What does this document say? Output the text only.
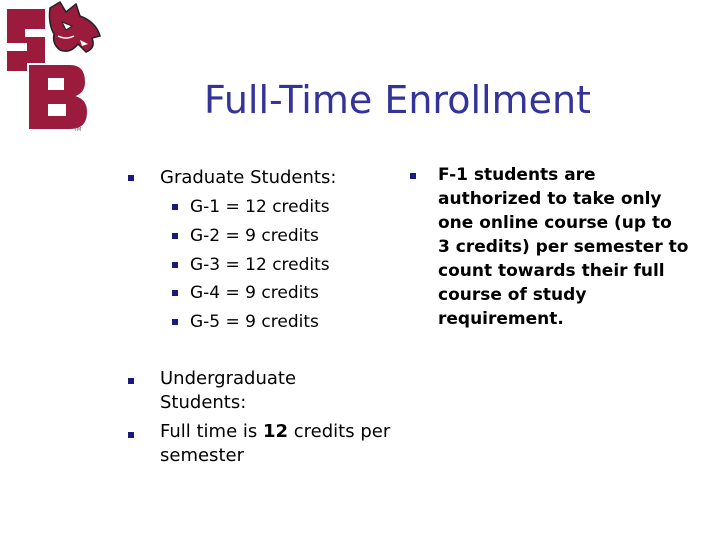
TM
Full-Time Enrollment
Graduate Students:
G-1 = 12 credits
G-2 = 9 credits
G-3 = 12 credits
G-4 = 9 credits
G-5 = 9 credits
Undergraduate
Students:
Full time is 12 credits per
semester
F-1 students are
authorized to take only
one online course (up to
3 credits) per semester to
count towards their full
course of study
requirement.
